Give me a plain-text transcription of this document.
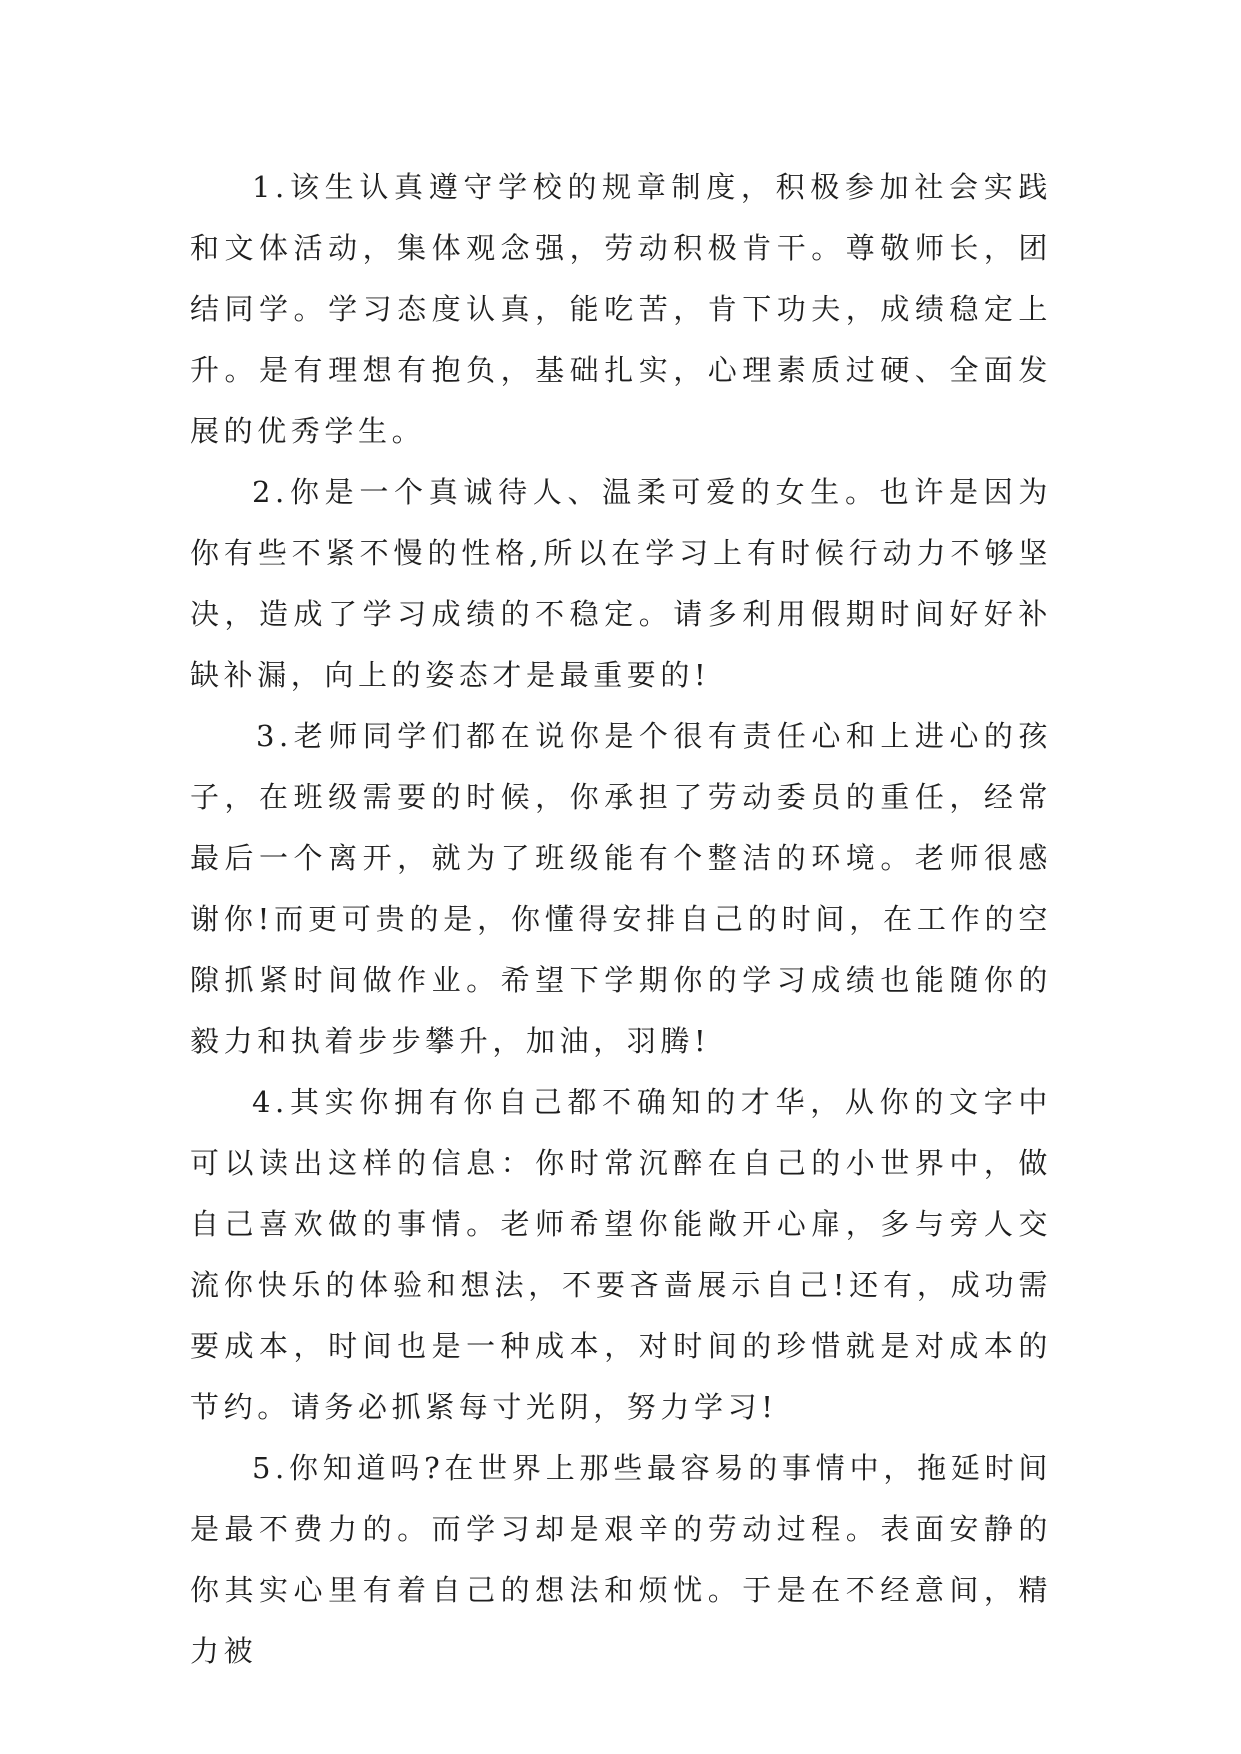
1.该生认真遵守学校的规章制度，积极参加社会实践和文体活动，集体观念强，劳动积极肯干。尊敬师长，团结同学。学习态度认真，能吃苦，肯下功夫，成绩稳定上升。是有理想有抱负，基础扎实，心理素质过硬、全面发展的优秀学生。

2.你是一个真诚待人、温柔可爱的女生。也许是因为你有些不紧不慢的性格,所以在学习上有时候行动力不够坚决，造成了学习成绩的不稳定。请多利用假期时间好好补缺补漏，向上的姿态才是最重要的!

3.老师同学们都在说你是个很有责任心和上进心的孩子，在班级需要的时候，你承担了劳动委员的重任，经常最后一个离开，就为了班级能有个整洁的环境。老师很感谢你!而更可贵的是，你懂得安排自己的时间，在工作的空隙抓紧时间做作业。希望下学期你的学习成绩也能随你的毅力和执着步步攀升，加油，羽腾!

4.其实你拥有你自己都不确知的才华，从你的文字中可以读出这样的信息：你时常沉醉在自己的小世界中，做自己喜欢做的事情。老师希望你能敞开心扉，多与旁人交流你快乐的体验和想法，不要吝啬展示自己!还有，成功需要成本，时间也是一种成本，对时间的珍惜就是对成本的节约。请务必抓紧每寸光阴，努力学习!

5.你知道吗?在世界上那些最容易的事情中，拖延时间是最不费力的。而学习却是艰辛的劳动过程。表面安静的你其实心里有着自己的想法和烦忧。于是在不经意间，精力被
